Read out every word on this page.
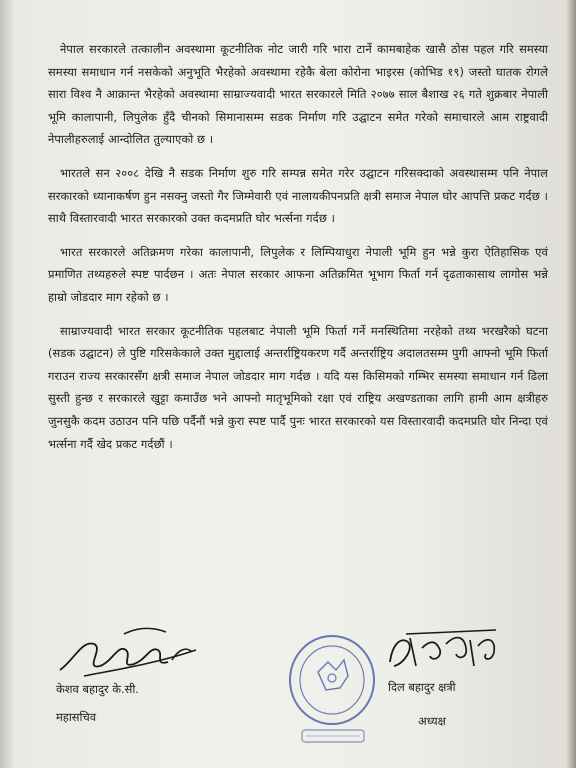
नेपाल सरकारले तत्कालीन अवस्थामा कूटनीतिक नोट जारी गरि भारा टार्ने कामबाहेक खासै ठोस पहल गरि समस्या समस्या समाधान गर्न नसकेको अनुभूति भैरहेको अवस्थामा रहेकै बेला कोरोना भाइरस (कोभिड १९) जस्तो घातक रोगले सारा विश्व नै आक्रान्त भैरहेको अवस्थामा साम्राज्यवादी भारत सरकारले मिति २०७७ साल बैशाख २६ गते शुक्रबार नेपाली भूमि कालापानी, लिपुलेक हुँदै चीनको सिमानासम्म सडक निर्माण गरि उद्घाटन समेत गरेको समाचारले आम राष्ट्रवादी नेपालीहरुलाई आन्दोलित तुल्याएको छ ।

भारतले सन २००८ देखि नै सडक निर्माण शुरु गरि सम्पन्न समेत गरेर उद्घाटन गरिसक्दाको अवस्थासम्म पनि नेपाल सरकारको ध्यानाकर्षण हुन नसक्नु जस्तो गैर जिम्मेवारी एवं नालायकीपनप्रति क्षत्री समाज नेपाल घोर आपत्ति प्रकट गर्दछ । साथै विस्तारवादी भारत सरकारको उक्त कदमप्रति घोर भर्त्सना गर्दछ ।

भारत सरकारले अतिक्रमण गरेका कालापानी, लिपुलेक र लिम्पियाधुरा नेपाली भूमि हुन भन्ने कुरा ऐतिहासिक एवं प्रमाणित तथ्यहरुले स्पष्ट पार्दछन । अतः नेपाल सरकार आफना अतिक्रमित भूभाग फिर्ता गर्न दृढताकासाथ लागोस भन्ने हाम्रो जोडदार माग रहेको छ ।

साम्राज्यवादी भारत सरकार कूटनीतिक पहलबाट नेपाली भूमि फिर्ता गर्ने मनस्थितिमा नरहेको तथ्य भरखरैको घटना (सडक उद्घाटन) ले पुष्टि गरिसकेकाले उक्त मुद्दालाई अन्तर्राष्ट्रियकरण गर्दै अन्तर्राष्ट्रिय अदालतसम्म पुगी आफ्नो भूमि फिर्ता गराउन राज्य सरकारसँग क्षत्री समाज नेपाल जोडदार माग गर्दछ । यदि यस किसिमको गम्भिर समस्या समाधान गर्न ढिला सुस्ती हुन्छ र सरकारले खुट्टा कमाउँछ भने आफ्नो मातृभूमिको रक्षा एवं राष्ट्रिय अखण्डताका लागि हामी आम क्षत्रीहरु जुनसुकै कदम उठाउन पनि पछि पर्दैनौं भन्ने कुरा स्पष्ट पार्दै पुनः भारत सरकारको यस विस्तारवादी कदमप्रति घोर निन्दा एवं भर्त्सना गर्दै खेद प्रकट गर्दछौं ।

केशव बहादुर के.सी.
महासचिव
दिल बहादुर क्षत्री
अध्यक्ष
